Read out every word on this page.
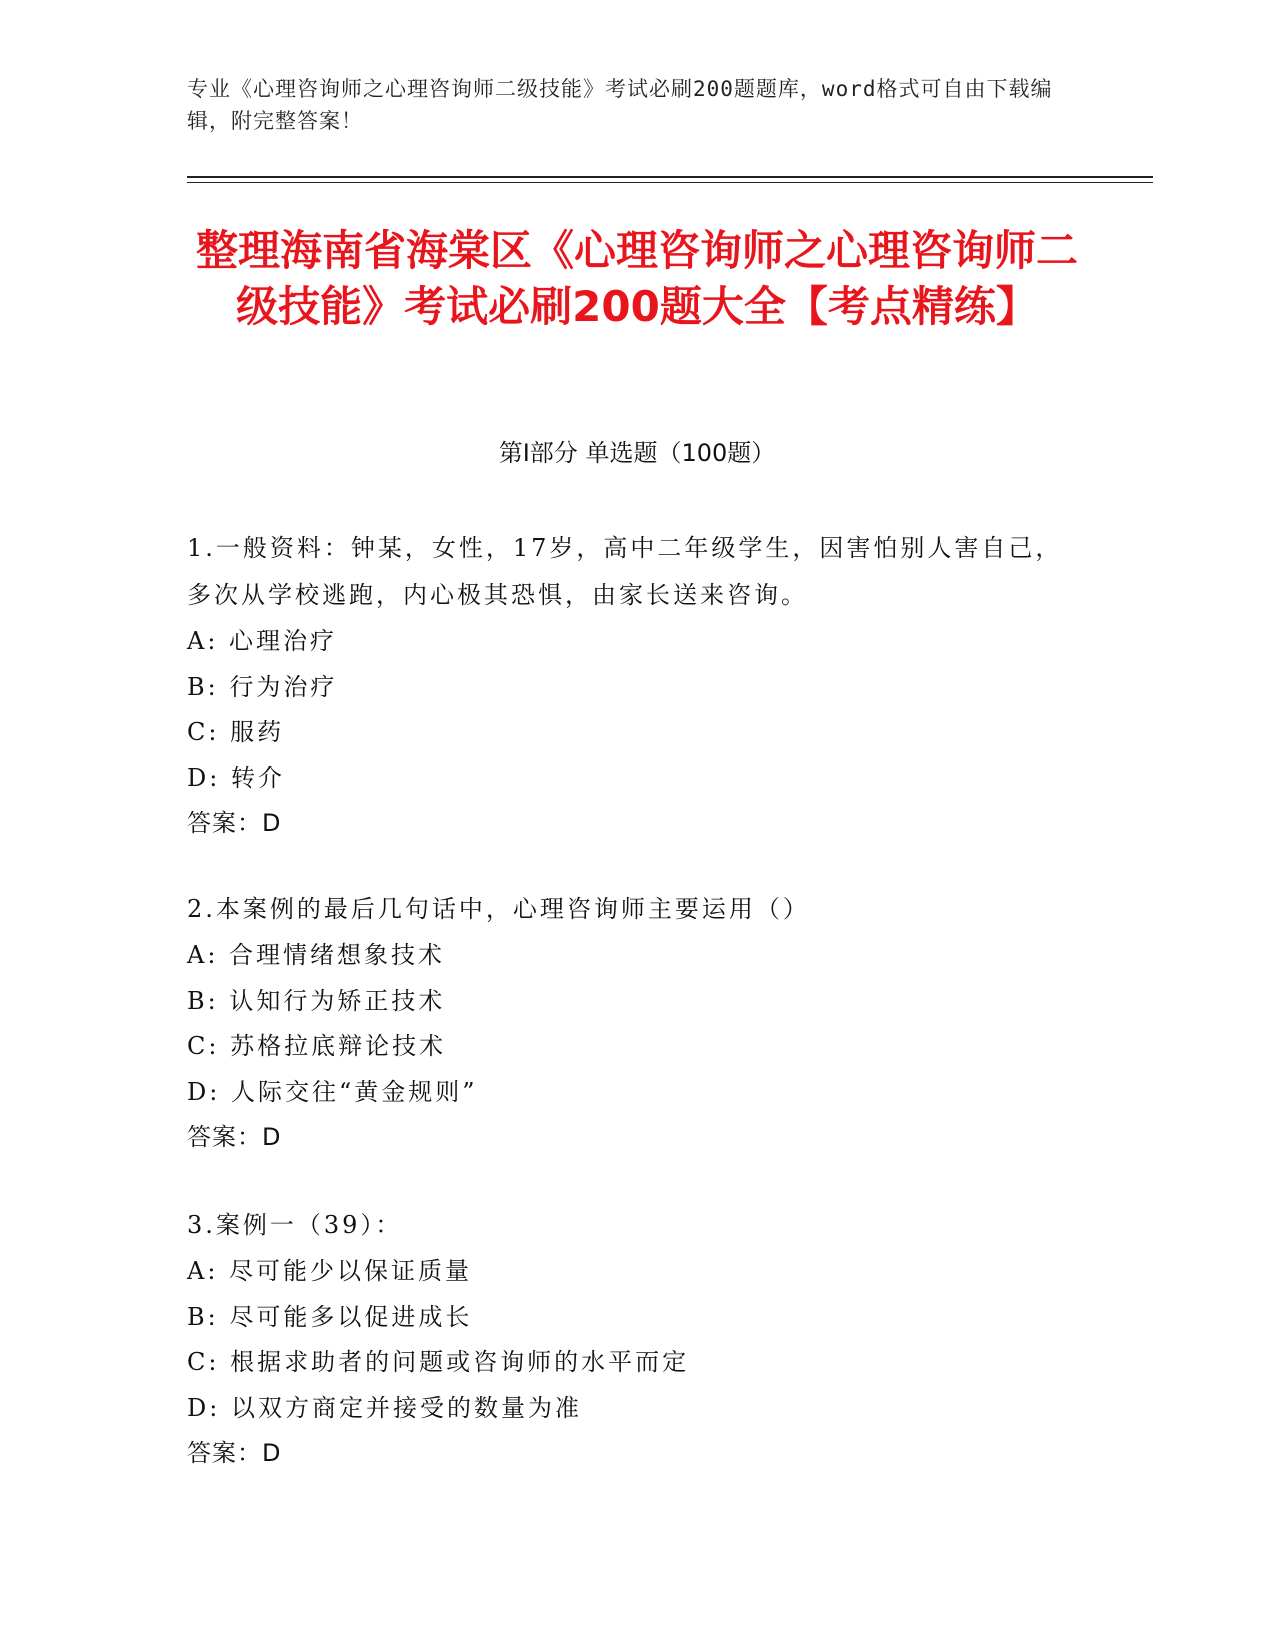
专业《心理咨询师之心理咨询师二级技能》考试必刷200题题库，word格式可自由下载编辑，附完整答案！
整理海南省海棠区《心理咨询师之心理咨询师二级技能》考试必刷200题大全【考点精练】
第Ⅰ部分 单选题（100题）

1.一般资料：钟某，女性，17岁，高中二年级学生，因害怕别人害自己，多次从学校逃跑，内心极其恐惧，由家长送来咨询。

A: 心理治疗

B: 行为治疗

C: 服药

D: 转介

答案：D

2.本案例的最后几句话中，心理咨询师主要运用（）

A: 合理情绪想象技术

B: 认知行为矫正技术

C: 苏格拉底辩论技术

D: 人际交往“黄金规则”

答案：D

3.案例一（39）：

A: 尽可能少以保证质量

B: 尽可能多以促进成长

C: 根据求助者的问题或咨询师的水平而定

D: 以双方商定并接受的数量为准

答案：D
